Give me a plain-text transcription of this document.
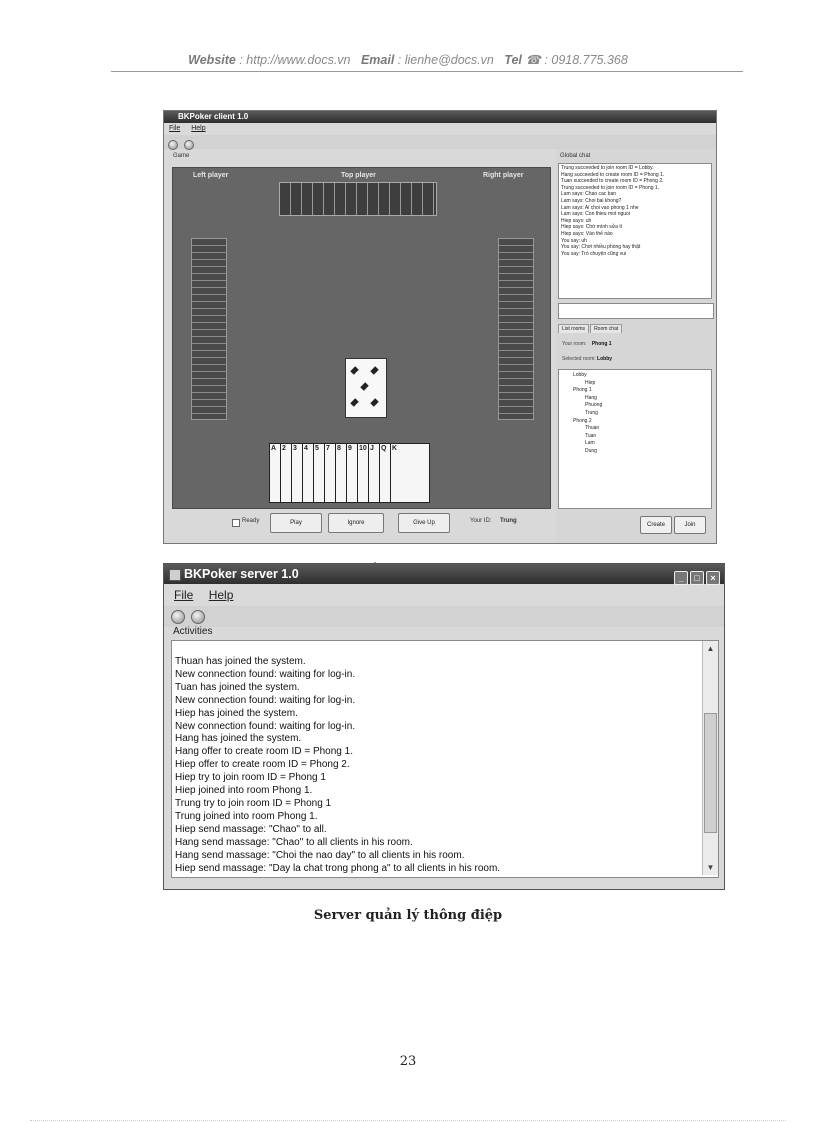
Website : http://www.docs.vn Email : lienhe@docs.vn Tel ☎ : 0918.775.368
BKPoker client 1.0
File Help

Game
Left player	Top player	Right player
A 2	3	4	5	7	8	9	10 J	Q K
Ready	Play	Ignore	Give Up	Your ID: Trung
Global chat
Trung succeeded to join room ID = Lobby.
Hang succeeded to create room ID = Phong 1.
Tuan succeeded to create room ID = Phong 2.
Trung succeeded to join room ID = Phong 1.
Lam says: Chao cac ban
Lam says: Choi bai khong?
Lam says: Ai choi vao phong 1 nhe
Lam says: Con thieu mot nguoi
Hiep says: uh
Hiep says: Chờ mình sửa tí
Hiep says: Vào thế nào
You say: uh
You say: Chơi nhiều phòng hay thật
You say: Trò chuyện cũng vui
List rooms Room chat
Your room: Phong 1
Selected room: Lobby
Lobby
Hiep
Phong 1
Hang
Phuong
Trung
Phong 2
Thuan
Tuan
Lam
Dung
Create	Join
BKPoker server 1.0	_ □ ×
File Help

Activities
Thuan has joined the system.
New connection found: waiting for log-in.
Tuan has joined the system.
New connection found: waiting for log-in.
Hiep has joined the system.
New connection found: waiting for log-in.
Hang has joined the system.
Hang offer to create room ID = Phong 1.
Hiep offer to create room ID = Phong 2.
Hiep try to join room ID = Phong 1
Hiep joined into room Phong 1.
Trung try to join room ID = Phong 1
Trung joined into room Phong 1.
Hiep send massage: "Chao" to all.
Hang send massage: "Chao" to all clients in his room.
Hang send massage: "Choi the nao day" to all clients in his room.
Hiep send massage: "Day la chat trong phong a" to all clients in his room.
▲
▼
Server quản lý thông điệp
23
